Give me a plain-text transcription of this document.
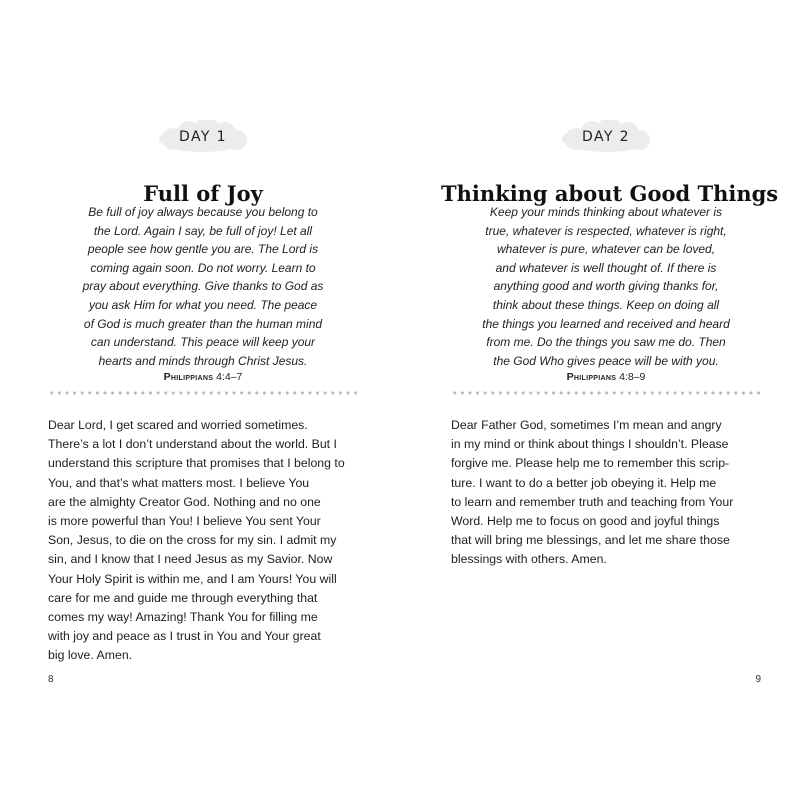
DAY 1
Full of Joy
Be full of joy always because you belong to
the Lord. Again I say, be full of joy! Let all
people see how gentle you are. The Lord is
coming again soon. Do not worry. Learn to
pray about everything. Give thanks to God as
you ask Him for what you need. The peace
of God is much greater than the human mind
can understand. This peace will keep your
hearts and minds through Christ Jesus.
Philippians 4:4–7
Dear Lord, I get scared and worried sometimes.
There’s a lot I don’t understand about the world. But I
understand this scripture that promises that I belong to
You, and that’s what matters most. I believe You
are the almighty Creator God. Nothing and no one
is more powerful than You! I believe You sent Your
Son, Jesus, to die on the cross for my sin. I admit my
sin, and I know that I need Jesus as my Savior. Now
Your Holy Spirit is within me, and I am Yours! You will
care for me and guide me through everything that
comes my way! Amazing! Thank You for filling me
with joy and peace as I trust in You and Your great
big love. Amen.
8
DAY 2
Thinking about Good Things
Keep your minds thinking about whatever is
true, whatever is respected, whatever is right,
whatever is pure, whatever can be loved,
and whatever is well thought of. If there is
anything good and worth giving thanks for,
think about these things. Keep on doing all
the things you learned and received and heard
from me. Do the things you saw me do. Then
the God Who gives peace will be with you.
Philippians 4:8–9
Dear Father God, sometimes I’m mean and angry
in my mind or think about things I shouldn’t. Please
forgive me. Please help me to remember this scrip-
ture. I want to do a better job obeying it. Help me
to learn and remember truth and teaching from Your
Word. Help me to focus on good and joyful things
that will bring me blessings, and let me share those
blessings with others. Amen.
9
